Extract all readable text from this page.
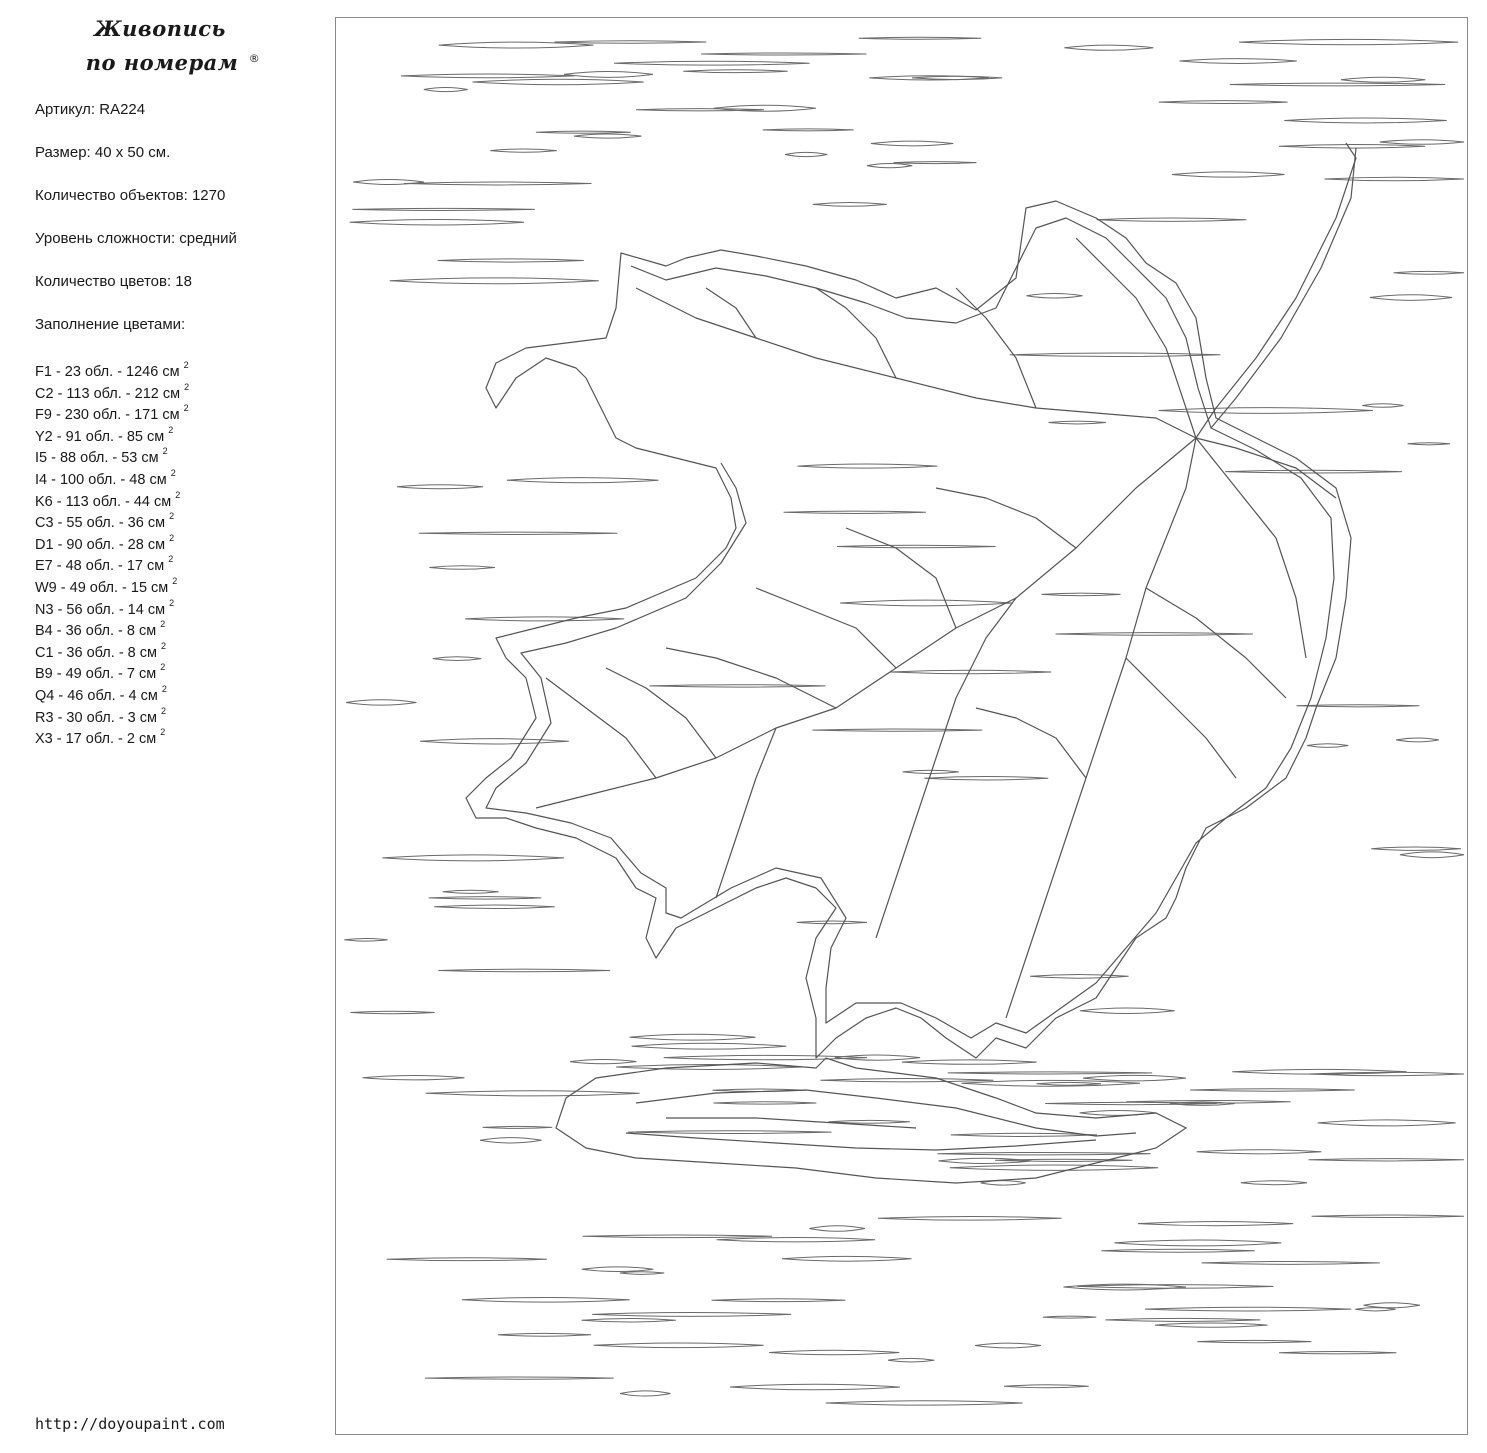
Живопись
по номерам ®
Артикул: RA224
Размер: 40 x 50 см.
Количество объектов: 1270
Уровень сложности: средний
Количество цветов: 18
Заполнение цветами:
F1 - 23 обл. - 1246 см $^2$
C2 - 113 обл. - 212 см $^2$
F9 - 230 обл. - 171 см $^2$
Y2 - 91 обл. - 85 см $^2$
I5 - 88 обл. - 53 см $^2$
I4 - 100 обл. - 48 см $^2$
K6 - 113 обл. - 44 см $^2$
C3 - 55 обл. - 36 см $^2$
D1 - 90 обл. - 28 см $^2$
E7 - 48 обл. - 17 см $^2$
W9 - 49 обл. - 15 см $^2$
N3 - 56 обл. - 14 см $^2$
B4 - 36 обл. - 8 см $^2$
C1 - 36 обл. - 8 см $^2$
B9 - 49 обл. - 7 см $^2$
Q4 - 46 обл. - 4 см $^2$
R3 - 30 обл. - 3 см $^2$
X3 - 17 обл. - 2 см $^2$
http://doyoupaint.com
